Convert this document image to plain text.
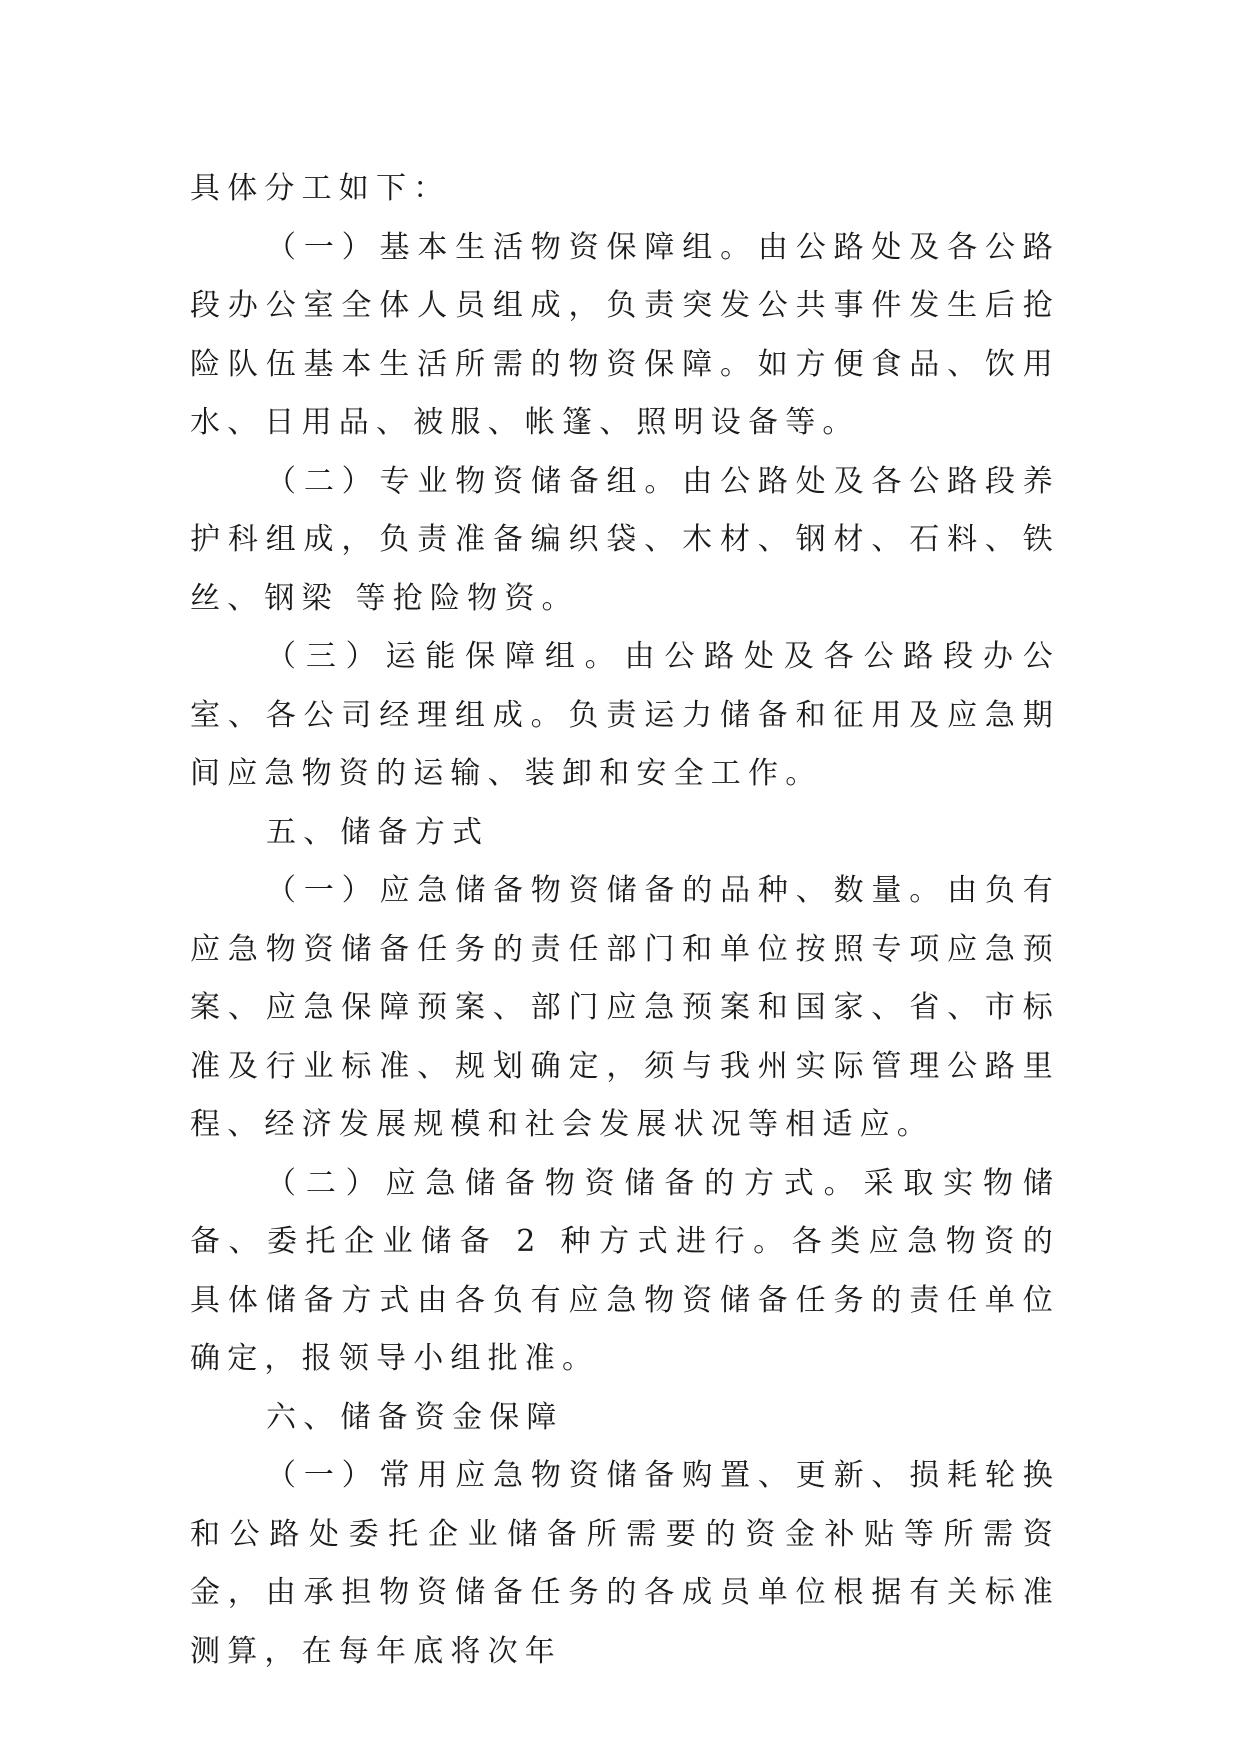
具体分工如下：

（一）基本生活物资保障组。由公路处及各公路段办公室全体人员组成，负责突发公共事件发生后抢险队伍基本生活所需的物资保障。如方便食品、饮用水、日用品、被服、帐篷、照明设备等。

（二）专业物资储备组。由公路处及各公路段养护科组成，负责准备编织袋、木材、钢材、石料、铁丝、钢梁 等抢险物资。

（三）运能保障组。由公路处及各公路段办公室、各公司经理组成。负责运力储备和征用及应急期间应急物资的运输、装卸和安全工作。

五、储备方式

（一）应急储备物资储备的品种、数量。由负有应急物资储备任务的责任部门和单位按照专项应急预案、应急保障预案、部门应急预案和国家、省、市标准及行业标准、规划确定，须与我州实际管理公路里程、经济发展规模和社会发展状况等相适应。

（二）应急储备物资储备的方式。采取实物储备、委托企业储备 2 种方式进行。各类应急物资的具体储备方式由各负有应急物资储备任务的责任单位确定，报领导小组批准。

六、储备资金保障

（一）常用应急物资储备购置、更新、损耗轮换和公路处委托企业储备所需要的资金补贴等所需资金，由承担物资储备任务的各成员单位根据有关标准测算，在每年底将次年
